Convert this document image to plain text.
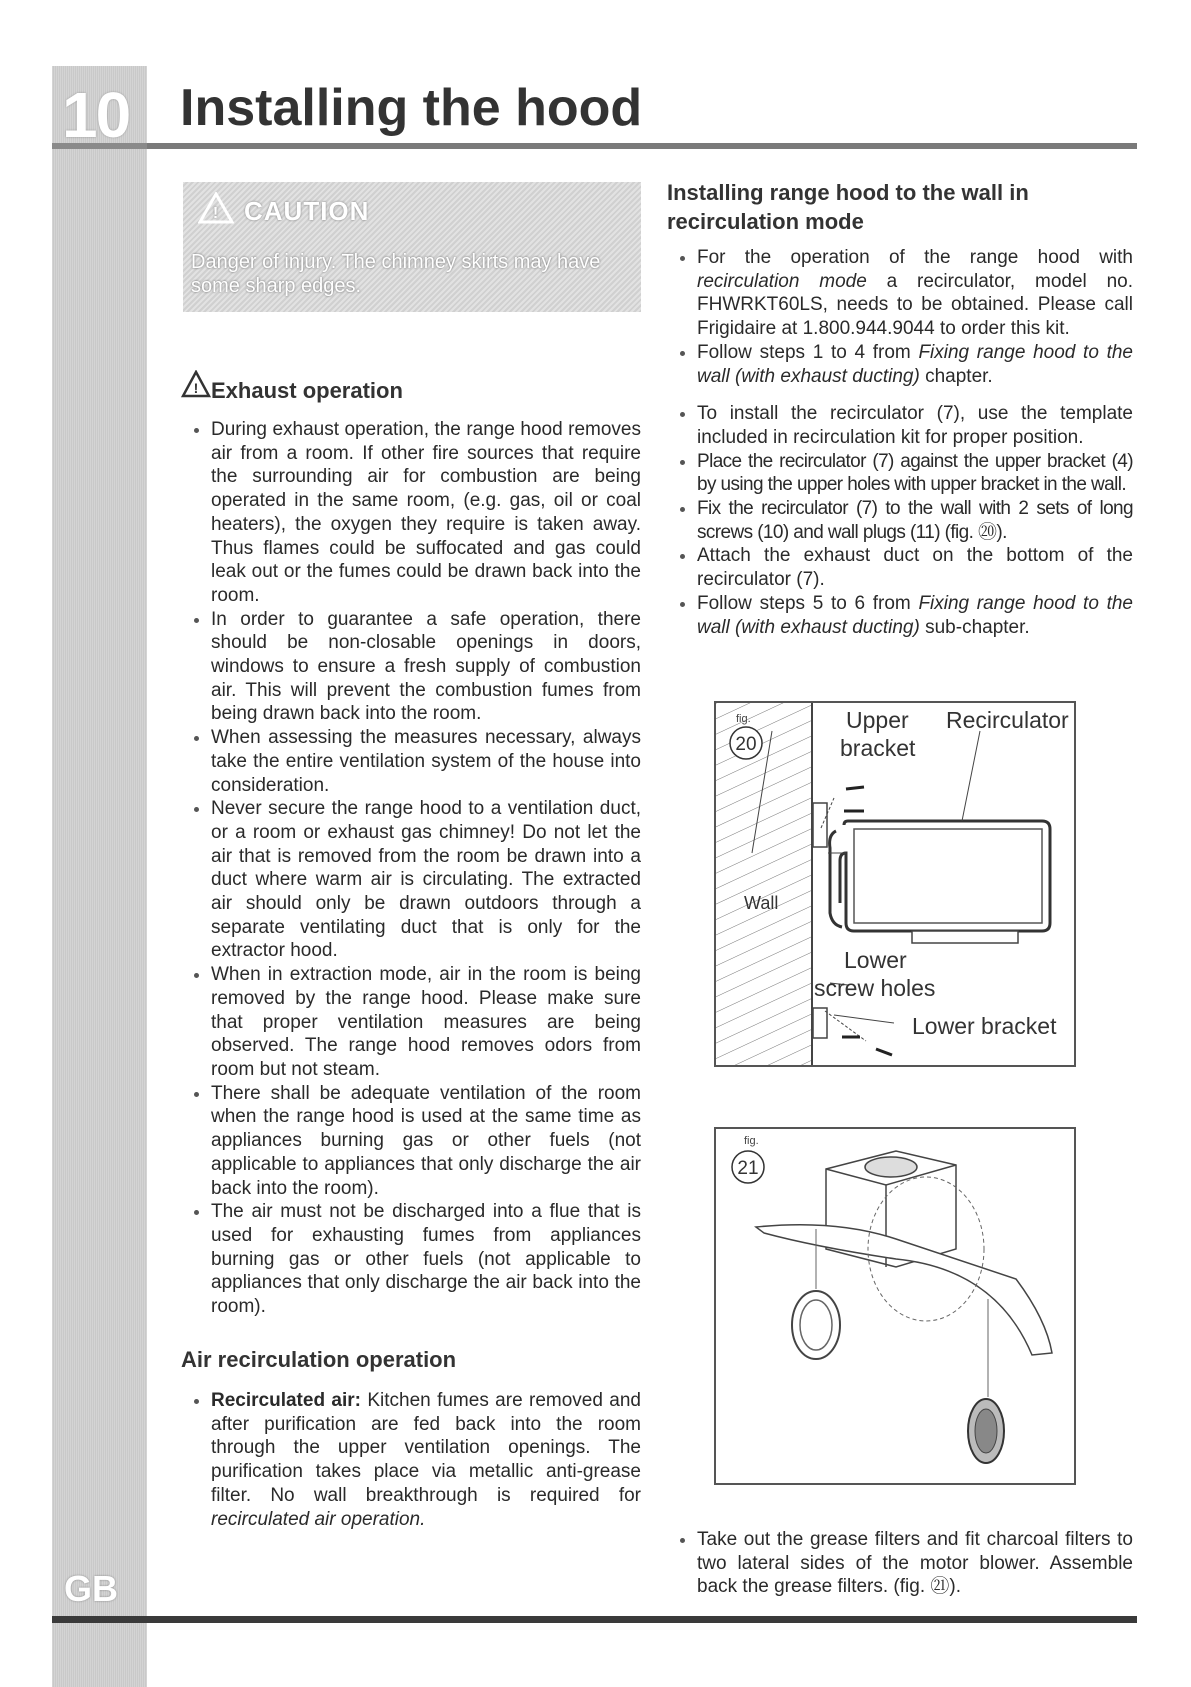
10 Installing the hood
GB
! CAUTION
Danger of injury. The chimney skirts may have some sharp edges.
! Exhaust operation
• During exhaust operation, the range hood removes air from a room. If other fire sources that require the surrounding air for combustion are being operated in the same room, (e.g. gas, oil or coal heaters), the oxygen they require is taken away. Thus flames could be suffocated and gas could leak out or the fumes could be drawn back into the room.
• In order to guarantee a safe operation, there should be non-closable openings in doors, windows to ensure a fresh supply of combustion air. This will prevent the combustion fumes from being drawn back into the room.
• When assessing the measures necessary, always take the entire ventilation system of the house into consideration.
• Never secure the range hood to a ventilation duct, or a room or exhaust gas chimney! Do not let the air that is removed from the room be drawn into a duct where warm air is circulating. The extracted air should only be drawn outdoors through a separate ventilating duct that is only for the extractor hood.
• When in extraction mode, air in the room is being removed by the range hood. Please make sure that proper ventilation measures are being observed. The range hood removes odors from room but not steam.
• There shall be adequate ventilation of the room when the range hood is used at the same time as appliances burning gas or other fuels (not applicable to appliances that only discharge the air back into the room).
• The air must not be discharged into a flue that is used for exhausting fumes from appliances burning gas or other fuels (not applicable to appliances that only discharge the air back into the room).
Air recirculation operation
• Recirculated air: Kitchen fumes are removed and after purification are fed back into the room through the upper ventilation openings. The purification takes place via metallic anti-grease filter. No wall breakthrough is required for recirculated air operation.
Installing range hood to the wall in recirculation mode
• For the operation of the range hood with recirculation mode a recirculator, model no. FHWRKT60LS, needs to be obtained. Please call Frigidaire at 1.800.944.9044 to order this kit.
• Follow steps 1 to 4 from Fixing range hood to the wall (with exhaust ducting) chapter.
• To install the recirculator (7), use the template included in recirculation kit for proper position.
• Place the recirculator (7) against the upper bracket (4) by using the upper holes with upper bracket in the wall.
• Fix the recirculator (7) to the wall with 2 sets of long screws (10) and wall plugs (11) (fig. ⑳).
• Attach the exhaust duct on the bottom of the recirculator (7).
• Follow steps 5 to 6 from Fixing range hood to the wall (with exhaust ducting) sub-chapter.
fig.
20
Upper
bracket
Recirculator
Wall
Lower
screw holes
Lower bracket
fig.
21
• Take out the grease filters and fit charcoal filters to two lateral sides of the motor blower. Assemble back the grease filters. (fig. ㉑).
